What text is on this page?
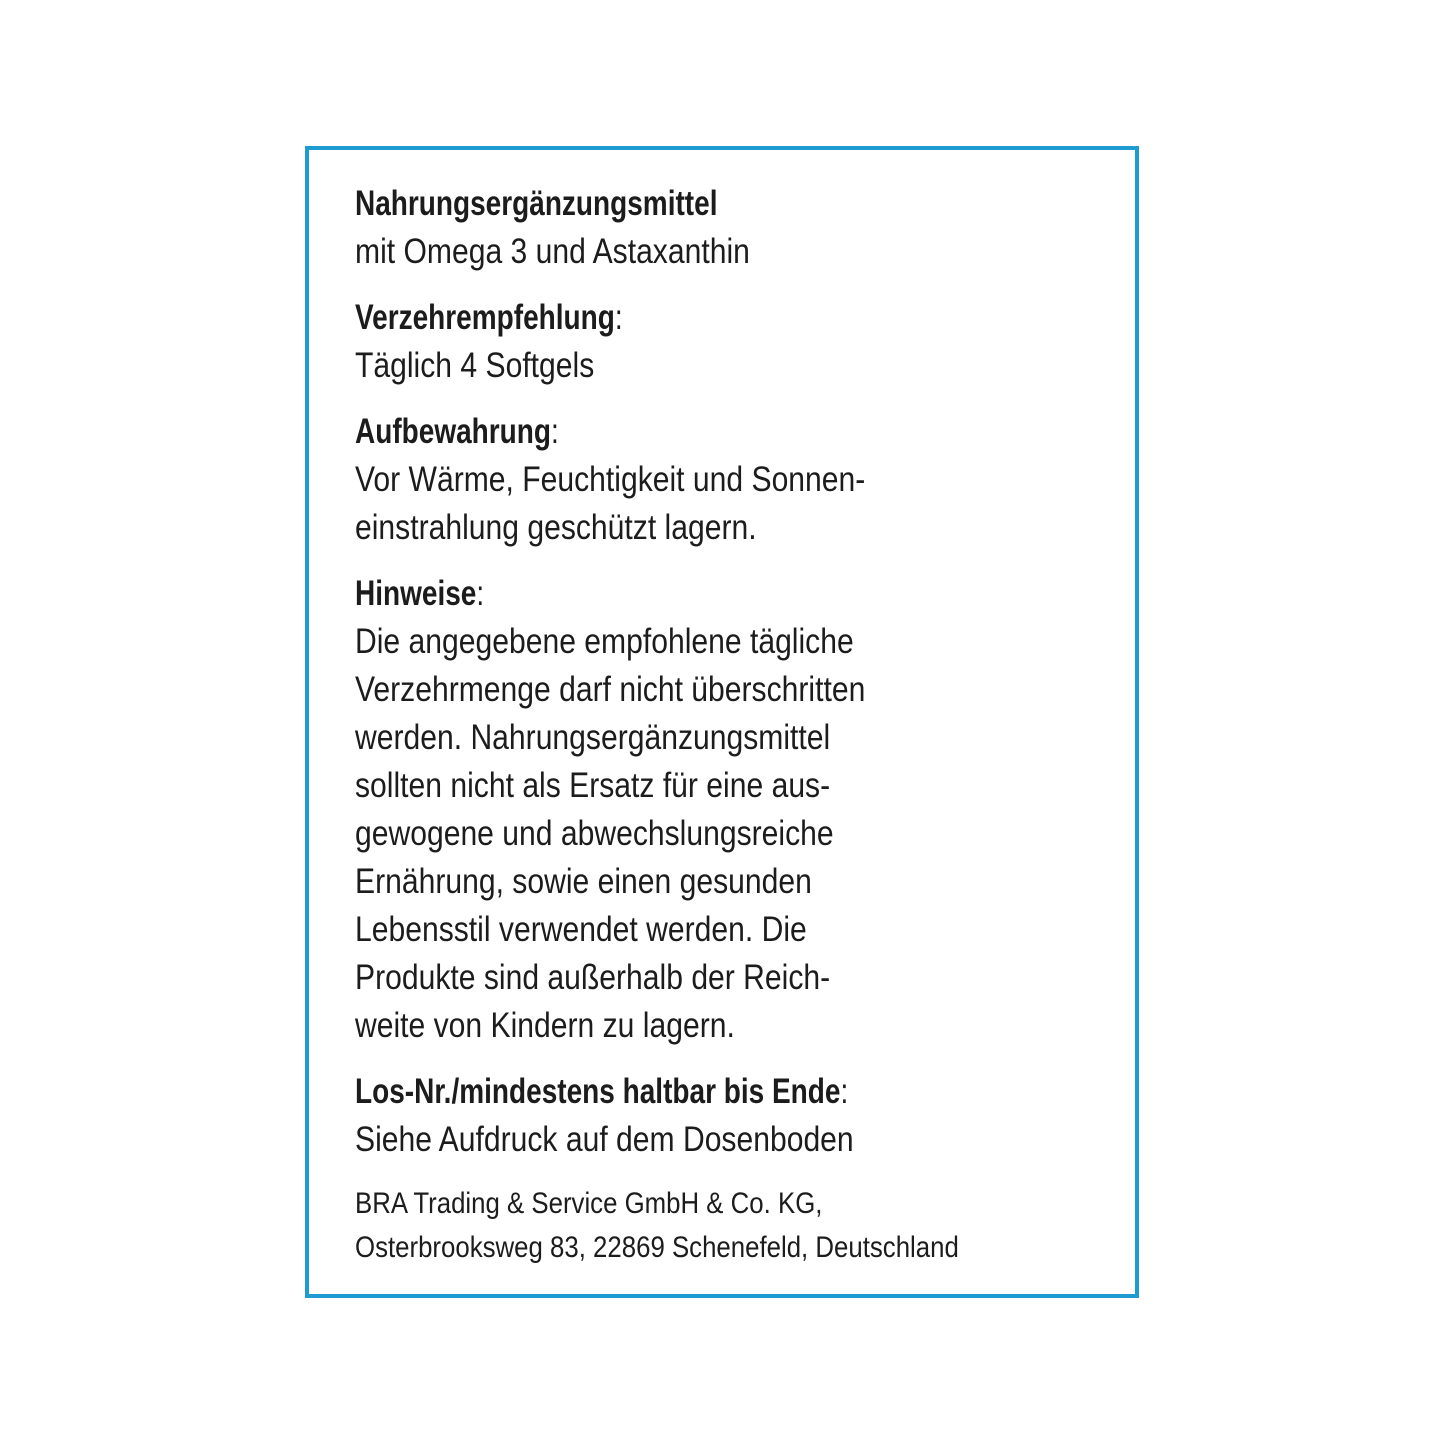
Nahrungsergänzungsmittel
mit Omega 3 und Astaxanthin
Verzehrempfehlung:
Täglich 4 Softgels
Aufbewahrung:
Vor Wärme, Feuchtigkeit und Sonnen-
einstrahlung geschützt lagern.
Hinweise:
Die angegebene empfohlene tägliche
Verzehrmenge darf nicht überschritten
werden. Nahrungsergänzungsmittel
sollten nicht als Ersatz für eine aus-
gewogene und abwechslungsreiche
Ernährung, sowie einen gesunden
Lebensstil verwendet werden. Die
Produkte sind außerhalb der Reich-
weite von Kindern zu lagern.
Los-Nr./mindestens haltbar bis Ende:
Siehe Aufdruck auf dem Dosenboden
BRA Trading & Service GmbH & Co. KG,
Osterbrooksweg 83, 22869 Schenefeld, Deutschland
